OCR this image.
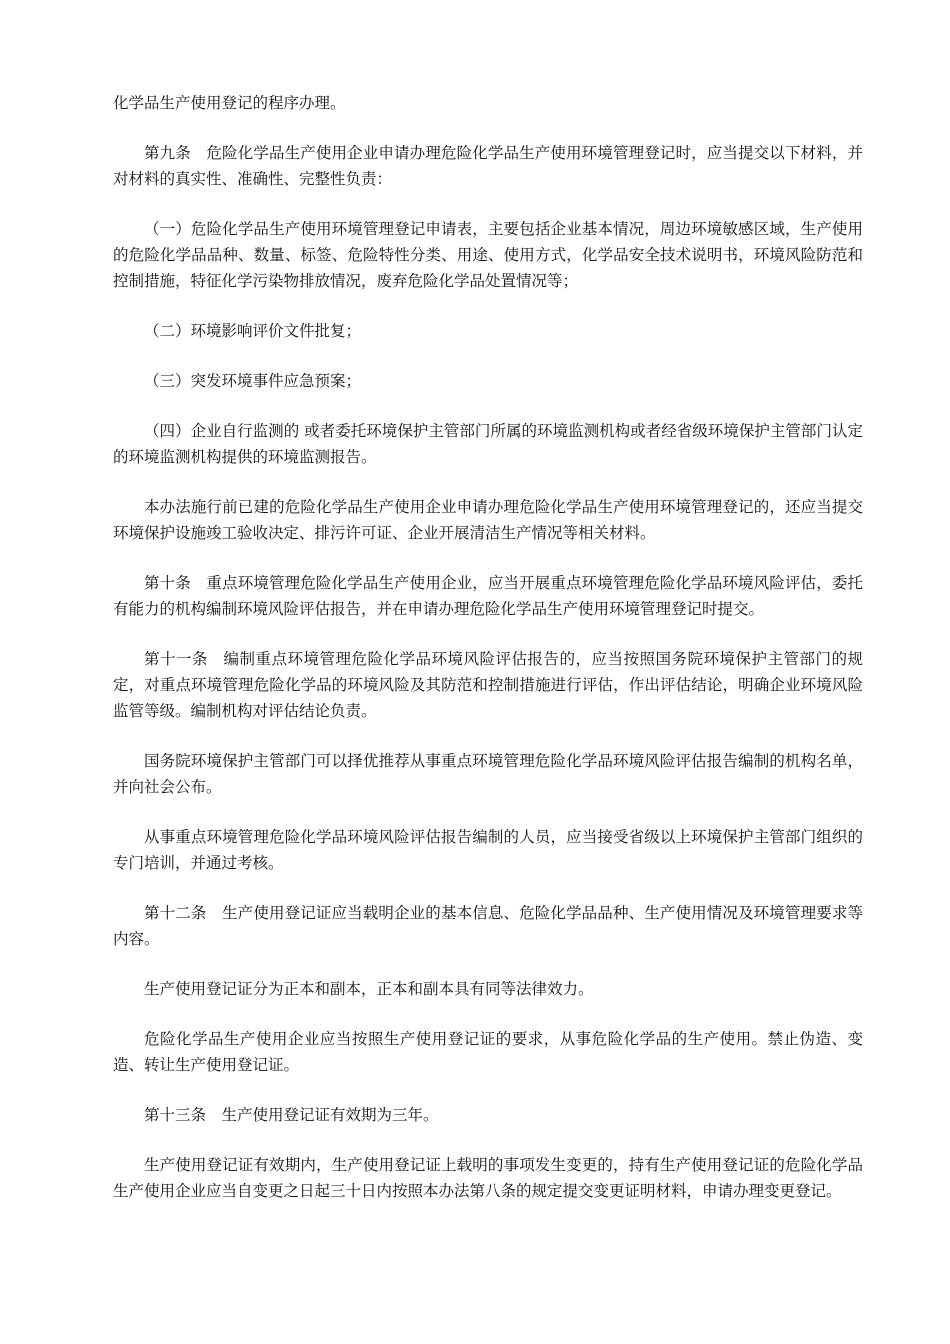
化学品生产使用登记的程序办理。

第九条 危险化学品生产使用企业申请办理危险化学品生产使用环境管理登记时，应当提交以下材料，并对材料的真实性、准确性、完整性负责：

（一）危险化学品生产使用环境管理登记申请表，主要包括企业基本情况，周边环境敏感区域，生产使用的危险化学品品种、数量、标签、危险特性分类、用途、使用方式，化学品安全技术说明书，环境风险防范和控制措施，特征化学污染物排放情况，废弃危险化学品处置情况等；

（二）环境影响评价文件批复；

（三）突发环境事件应急预案；

（四）企业自行监测的 或者委托环境保护主管部门所属的环境监测机构或者经省级环境保护主管部门认定的环境监测机构提供的环境监测报告。

本办法施行前已建的危险化学品生产使用企业申请办理危险化学品生产使用环境管理登记的，还应当提交环境保护设施竣工验收决定、排污许可证、企业开展清洁生产情况等相关材料。

第十条 重点环境管理危险化学品生产使用企业，应当开展重点环境管理危险化学品环境风险评估，委托有能力的机构编制环境风险评估报告，并在申请办理危险化学品生产使用环境管理登记时提交。

第十一条 编制重点环境管理危险化学品环境风险评估报告的，应当按照国务院环境保护主管部门的规定，对重点环境管理危险化学品的环境风险及其防范和控制措施进行评估，作出评估结论，明确企业环境风险监管等级。编制机构对评估结论负责。

国务院环境保护主管部门可以择优推荐从事重点环境管理危险化学品环境风险评估报告编制的机构名单，并向社会公布。

从事重点环境管理危险化学品环境风险评估报告编制的人员，应当接受省级以上环境保护主管部门组织的专门培训，并通过考核。

第十二条 生产使用登记证应当载明企业的基本信息、危险化学品品种、生产使用情况及环境管理要求等内容。

生产使用登记证分为正本和副本，正本和副本具有同等法律效力。

危险化学品生产使用企业应当按照生产使用登记证的要求，从事危险化学品的生产使用。禁止伪造、变造、转让生产使用登记证。

第十三条 生产使用登记证有效期为三年。

生产使用登记证有效期内，生产使用登记证上载明的事项发生变更的，持有生产使用登记证的危险化学品生产使用企业应当自变更之日起三十日内按照本办法第八条的规定提交变更证明材料，申请办理变更登记。
